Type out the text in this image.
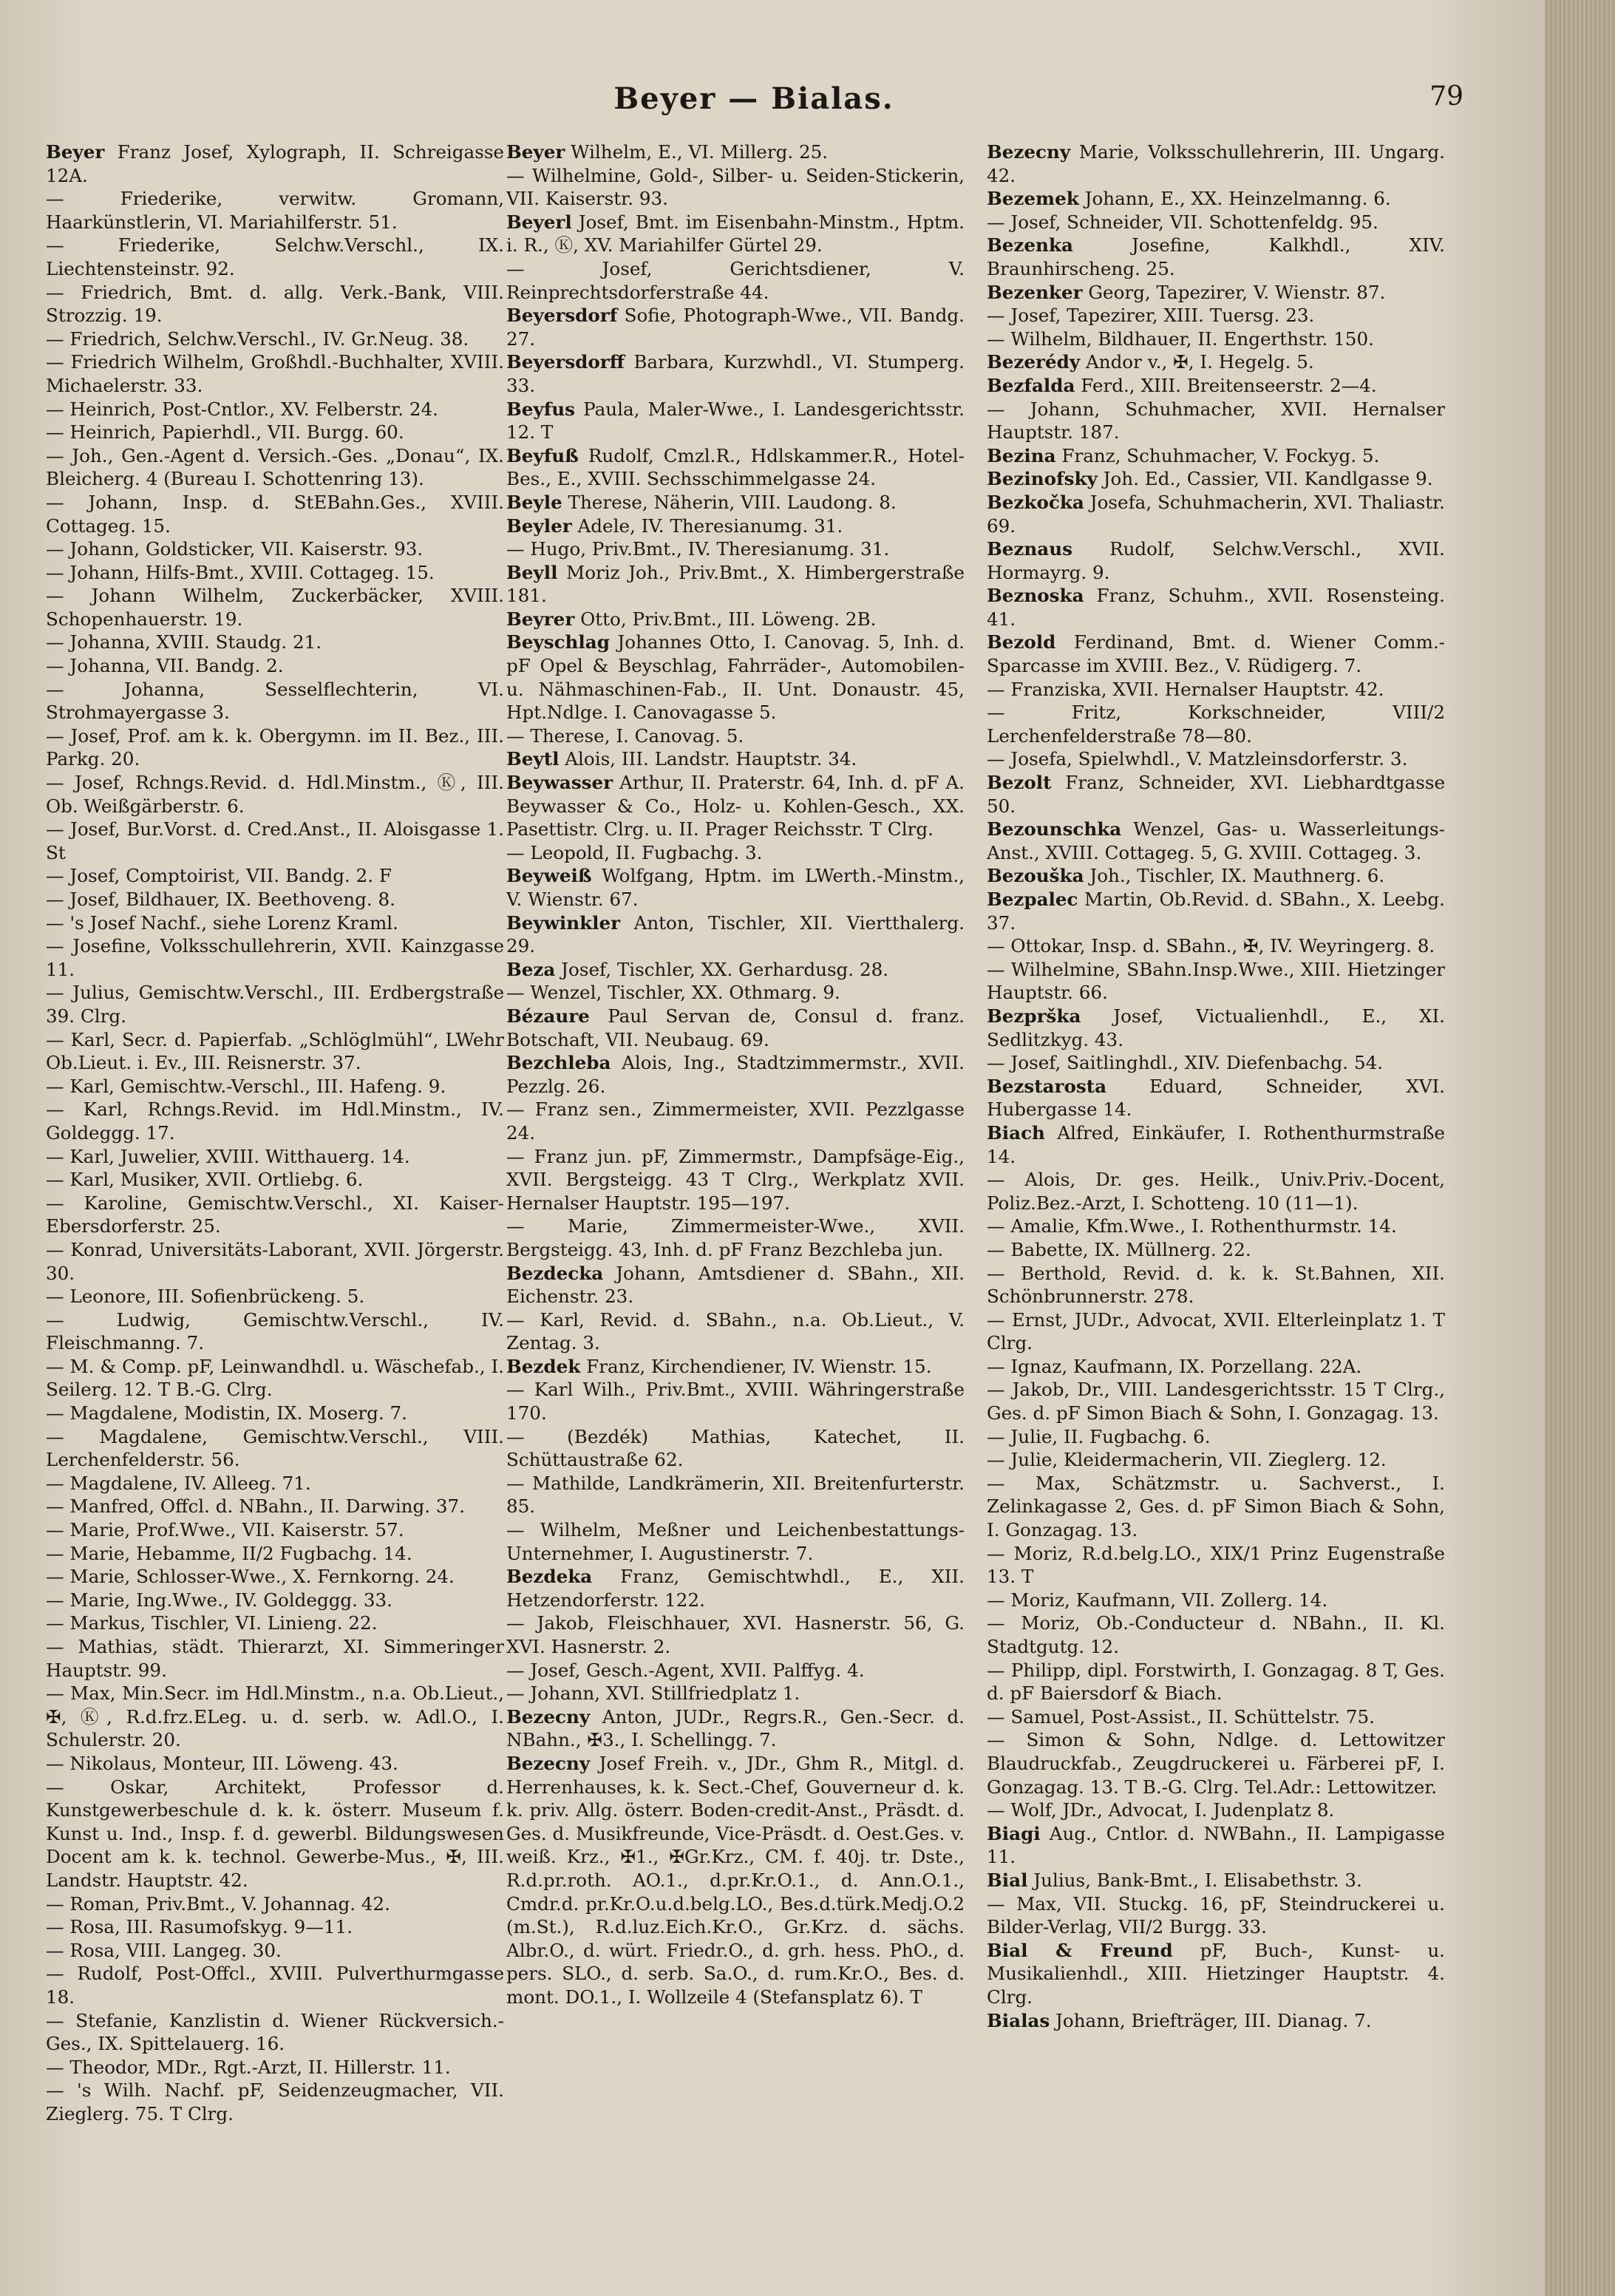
Beyer — Bialas.	79
Beyer Franz Josef, Xylograph, II. Schreigasse 12A.
— Friederike, verwitw. Gromann, Haarkünstlerin, VI. Mariahilferstr. 51.
— Friederike, Selchw.Verschl., IX. Liechtensteinstr. 92.
— Friedrich, Bmt. d. allg. Verk.-Bank, VIII. Strozzig. 19.
— Friedrich, Selchw.Verschl., IV. Gr.Neug. 38.
— Friedrich Wilhelm, Großhdl.-Buchhalter, XVIII. Michaelerstr. 33.
— Heinrich, Post-Cntlor., XV. Felberstr. 24.
— Heinrich, Papierhdl., VII. Burgg. 60.
— Joh., Gen.-Agent d. Versich.-Ges. „Donau“, IX. Bleicherg. 4 (Bureau I. Schottenring 13).
— Johann, Insp. d. StEBahn.Ges., XVIII. Cottageg. 15.
— Johann, Goldsticker, VII. Kaiserstr. 93.
— Johann, Hilfs-Bmt., XVIII. Cottageg. 15.
— Johann Wilhelm, Zuckerbäcker, XVIII. Schopenhauerstr. 19.
— Johanna, XVIII. Staudg. 21.
— Johanna, VII. Bandg. 2.
— Johanna, Sesselflechterin, VI. Strohmayergasse 3.
— Josef, Prof. am k. k. Obergymn. im II. Bez., III. Parkg. 20.
— Josef, Rchngs.Revid. d. Hdl.Minstm., Ⓚ, III. Ob. Weißgärberstr. 6.
— Josef, Bur.Vorst. d. Cred.Anst., II. Aloisgasse 1. St
— Josef, Comptoirist, VII. Bandg. 2. F
— Josef, Bildhauer, IX. Beethoveng. 8.
— 's Josef Nachf., siehe Lorenz Kraml.
— Josefine, Volksschullehrerin, XVII. Kainzgasse 11.
— Julius, Gemischtw.Verschl., III. Erdbergstraße 39. Clrg.
— Karl, Secr. d. Papierfab. „Schlöglmühl“, LWehr Ob.Lieut. i. Ev., III. Reisnerstr. 37.
— Karl, Gemischtw.-Verschl., III. Hafeng. 9.
— Karl, Rchngs.Revid. im Hdl.Minstm., IV. Goldeggg. 17.
— Karl, Juwelier, XVIII. Witthauerg. 14.
— Karl, Musiker, XVII. Ortliebg. 6.
— Karoline, Gemischtw.Verschl., XI. Kaiser-Ebersdorferstr. 25.
— Konrad, Universitäts-Laborant, XVII. Jörgerstr. 30.
— Leonore, III. Sofienbrückeng. 5.
— Ludwig, Gemischtw.Verschl., IV. Fleischmanng. 7.
— M. & Comp. pF, Leinwandhdl. u. Wäschefab., I. Seilerg. 12. T B.-G. Clrg.
— Magdalene, Modistin, IX. Moserg. 7.
— Magdalene, Gemischtw.Verschl., VIII. Lerchenfelderstr. 56.
— Magdalene, IV. Alleeg. 71.
— Manfred, Offcl. d. NBahn., II. Darwing. 37.
— Marie, Prof.Wwe., VII. Kaiserstr. 57.
— Marie, Hebamme, II/2 Fugbachg. 14.
— Marie, Schlosser-Wwe., X. Fernkorng. 24.
— Marie, Ing.Wwe., IV. Goldeggg. 33.
— Markus, Tischler, VI. Linieng. 22.
— Mathias, städt. Thierarzt, XI. Simmeringer Hauptstr. 99.
— Max, Min.Secr. im Hdl.Minstm., n.a. Ob.Lieut., ✠, Ⓚ, R.d.frz.ELeg. u. d. serb. w. Adl.O., I. Schulerstr. 20.
— Nikolaus, Monteur, III. Löweng. 43.
— Oskar, Architekt, Professor d. Kunstgewerbeschule d. k. k. österr. Museum f. Kunst u. Ind., Insp. f. d. gewerbl. Bildungswesen Docent am k. k. technol. Gewerbe-Mus., ✠, III. Landstr. Hauptstr. 42.
— Roman, Priv.Bmt., V. Johannag. 42.
— Rosa, III. Rasumofskyg. 9—11.
— Rosa, VIII. Langeg. 30.
— Rudolf, Post-Offcl., XVIII. Pulverthurmgasse 18.
— Stefanie, Kanzlistin d. Wiener Rückversich.-Ges., IX. Spittelauerg. 16.
— Theodor, MDr., Rgt.-Arzt, II. Hillerstr. 11.
— 's Wilh. Nachf. pF, Seidenzeugmacher, VII. Zieglerg. 75. T Clrg.
Beyer Wilhelm, E., VI. Millerg. 25.
— Wilhelmine, Gold-, Silber- u. Seiden-Stickerin, VII. Kaiserstr. 93.
Beyerl Josef, Bmt. im Eisenbahn-Minstm., Hptm. i. R., Ⓚ, XV. Mariahilfer Gürtel 29.
— Josef, Gerichtsdiener, V. Reinprechtsdorferstraße 44.
Beyersdorf Sofie, Photograph-Wwe., VII. Bandg. 27.
Beyersdorff Barbara, Kurzwhdl., VI. Stumperg. 33.
Beyfus Paula, Maler-Wwe., I. Landesgerichtsstr. 12. T
Beyfuß Rudolf, Cmzl.R., Hdlskammer.R., Hotel-Bes., E., XVIII. Sechsschimmelgasse 24.
Beyle Therese, Näherin, VIII. Laudong. 8.
Beyler Adele, IV. Theresianumg. 31.
— Hugo, Priv.Bmt., IV. Theresianumg. 31.
Beyll Moriz Joh., Priv.Bmt., X. Himbergerstraße 181.
Beyrer Otto, Priv.Bmt., III. Löweng. 2B.
Beyschlag Johannes Otto, I. Canovag. 5, Inh. d. pF Opel & Beyschlag, Fahrräder-, Automobilen- u. Nähmaschinen-Fab., II. Unt. Donaustr. 45, Hpt.Ndlge. I. Canovagasse 5.
— Therese, I. Canovag. 5.
Beytl Alois, III. Landstr. Hauptstr. 34.
Beywasser Arthur, II. Praterstr. 64, Inh. d. pF A. Beywasser & Co., Holz- u. Kohlen-Gesch., XX. Pasettistr. Clrg. u. II. Prager Reichsstr. T Clrg.
— Leopold, II. Fugbachg. 3.
Beyweiß Wolfgang, Hptm. im LWerth.-Minstm., V. Wienstr. 67.
Beywinkler Anton, Tischler, XII. Viertthalerg. 29.
Beza Josef, Tischler, XX. Gerhardusg. 28.
— Wenzel, Tischler, XX. Othmarg. 9.
Bézaure Paul Servan de, Consul d. franz. Botschaft, VII. Neubaug. 69.
Bezchleba Alois, Ing., Stadtzimmermstr., XVII. Pezzlg. 26.
— Franz sen., Zimmermeister, XVII. Pezzlgasse 24.
— Franz jun. pF, Zimmermstr., Dampfsäge-Eig., XVII. Bergsteigg. 43 T Clrg., Werkplatz XVII. Hernalser Hauptstr. 195—197.
— Marie, Zimmermeister-Wwe., XVII. Bergsteigg. 43, Inh. d. pF Franz Bezchleba jun.
Bezdecka Johann, Amtsdiener d. SBahn., XII. Eichenstr. 23.
— Karl, Revid. d. SBahn., n.a. Ob.Lieut., V. Zentag. 3.
Bezdek Franz, Kirchendiener, IV. Wienstr. 15.
— Karl Wilh., Priv.Bmt., XVIII. Währingerstraße 170.
— (Bezdék) Mathias, Katechet, II. Schüttaustraße 62.
— Mathilde, Landkrämerin, XII. Breitenfurterstr. 85.
— Wilhelm, Meßner und Leichenbestattungs-Unternehmer, I. Augustinerstr. 7.
Bezdeka Franz, Gemischtwhdl., E., XII. Hetzendorferstr. 122.
— Jakob, Fleischhauer, XVI. Hasnerstr. 56, G. XVI. Hasnerstr. 2.
— Josef, Gesch.-Agent, XVII. Palffyg. 4.
— Johann, XVI. Stillfriedplatz 1.
Bezecny Anton, JUDr., Regrs.R., Gen.-Secr. d. NBahn., ✠3., I. Schellingg. 7.
Bezecny Josef Freih. v., JDr., Ghm R., Mitgl. d. Herrenhauses, k. k. Sect.-Chef, Gouverneur d. k. k. priv. Allg. österr. Boden-credit-Anst., Präsdt. d. Ges. d. Musikfreunde, Vice-Präsdt. d. Oest.Ges. v. weiß. Krz., ✠1., ✠Gr.Krz., CM. f. 40j. tr. Dste., R.d.pr.roth. AO.1., d.pr.Kr.O.1., d. Ann.O.1., Cmdr.d. pr.Kr.O.u.d.belg.LO., Bes.d.türk.Medj.O.2 (m.St.), R.d.luz.Eich.Kr.O., Gr.Krz. d. sächs. Albr.O., d. würt. Friedr.O., d. grh. hess. PhO., d. pers. SLO., d. serb. Sa.O., d. rum.Kr.O., Bes. d. mont. DO.1., I. Wollzeile 4 (Stefansplatz 6). T
Bezecny Marie, Volksschullehrerin, III. Ungarg. 42.
Bezemek Johann, E., XX. Heinzelmanng. 6.
— Josef, Schneider, VII. Schottenfeldg. 95.
Bezenka	Josefine, Kalkhdl., XIV. Braunhirscheng. 25.
Bezenker Georg, Tapezirer, V. Wienstr. 87.
— Josef, Tapezirer, XIII. Tuersg. 23.
— Wilhelm, Bildhauer, II. Engerthstr. 150.
Bezerédy Andor v., ✠, I. Hegelg. 5.
Bezfalda Ferd., XIII. Breitenseerstr. 2—4.
— Johann, Schuhmacher, XVII. Hernalser Hauptstr. 187.
Bezina Franz, Schuhmacher, V. Fockyg. 5.
Bezinofsky Joh. Ed., Cassier, VII. Kandlgasse 9.
Bezkočka Josefa, Schuhmacherin, XVI. Thaliastr. 69.
Beznaus Rudolf, Selchw.Verschl., XVII. Hormayrg. 9.
Beznoska Franz, Schuhm., XVII. Rosensteing. 41.
Bezold Ferdinand, Bmt. d. Wiener Comm.-Sparcasse im XVIII. Bez., V. Rüdigerg. 7.
— Franziska, XVII. Hernalser Hauptstr. 42.
— Fritz, Korkschneider, VIII/2 Lerchenfelderstraße 78—80.
— Josefa, Spielwhdl., V. Matzleinsdorferstr. 3.
Bezolt Franz, Schneider, XVI. Liebhardtgasse 50.
Bezounschka Wenzel, Gas- u. Wasserleitungs-Anst., XVIII. Cottageg. 5, G. XVIII. Cottageg. 3.
Bezouška Joh., Tischler, IX. Mauthnerg. 6.
Bezpalec Martin, Ob.Revid. d. SBahn., X. Leebg. 37.
— Ottokar, Insp. d. SBahn., ✠, IV. Weyringerg. 8.
— Wilhelmine, SBahn.Insp.Wwe., XIII. Hietzinger Hauptstr. 66.
Bezprška Josef, Victualienhdl., E., XI. Sedlitzkyg. 43.
— Josef, Saitlinghdl., XIV. Diefenbachg. 54.
Bezstarosta Eduard, Schneider, XVI. Hubergasse 14.
Biach Alfred, Einkäufer, I. Rothenthurmstraße 14.
— Alois, Dr. ges. Heilk., Univ.Priv.-Docent, Poliz.Bez.-Arzt, I. Schotteng. 10 (11—1).
— Amalie, Kfm.Wwe., I. Rothenthurmstr. 14.
— Babette, IX. Müllnerg. 22.
— Berthold, Revid. d. k. k. St.Bahnen, XII. Schönbrunnerstr. 278.
— Ernst, JUDr., Advocat, XVII. Elterleinplatz 1. T Clrg.
— Ignaz, Kaufmann, IX. Porzellang. 22A.
— Jakob, Dr., VIII. Landesgerichtsstr. 15 T Clrg., Ges. d. pF Simon Biach & Sohn, I. Gonzagag. 13.
— Julie, II. Fugbachg. 6.
— Julie, Kleidermacherin, VII. Zieglerg. 12.
— Max, Schätzmstr. u. Sachverst., I. Zelinkagasse 2, Ges. d. pF Simon Biach & Sohn, I. Gonzagag. 13.
— Moriz, R.d.belg.LO., XIX/1 Prinz Eugenstraße 13. T
— Moriz, Kaufmann, VII. Zollerg. 14.
— Moriz, Ob.-Conducteur d. NBahn., II. Kl. Stadtgutg. 12.
— Philipp, dipl. Forstwirth, I. Gonzagag. 8 T, Ges. d. pF Baiersdorf & Biach.
— Samuel, Post-Assist., II. Schüttelstr. 75.
— Simon & Sohn, Ndlge. d. Lettowitzer Blaudruckfab., Zeugdruckerei u. Färberei pF, I. Gonzagag. 13. T B.-G. Clrg. Tel.Adr.: Lettowitzer.
— Wolf, JDr., Advocat, I. Judenplatz 8.
Biagi Aug., Cntlor. d. NWBahn., II. Lampigasse 11.
Bial Julius, Bank-Bmt., I. Elisabethstr. 3.
— Max, VII. Stuckg. 16, pF, Steindruckerei u. Bilder-Verlag, VII/2 Burgg. 33.
Bial & Freund pF, Buch-, Kunst- u. Musikalienhdl., XIII. Hietzinger Hauptstr. 4. Clrg.
Bialas Johann, Briefträger, III. Dianag. 7.
